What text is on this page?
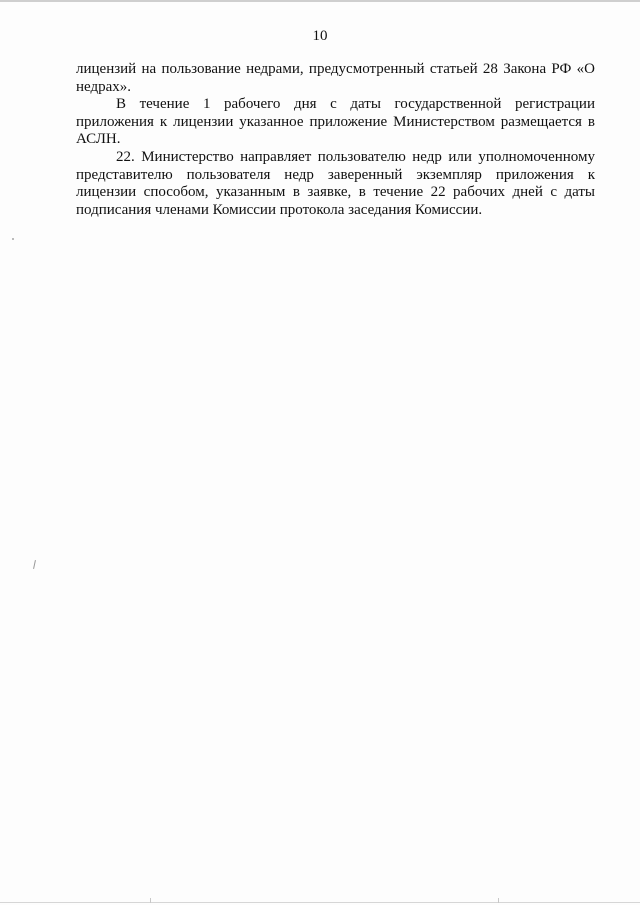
10

лицензий на пользование недрами, предусмотренный статьей 28 Закона РФ «О недрах».

В течение 1 рабочего дня с даты государственной регистрации приложения к лицензии указанное приложение Министерством размещается в АСЛН.

22. Министерство направляет пользователю недр или уполномоченному представителю пользователя недр заверенный экземпляр приложения к лицензии способом, указанным в заявке, в течение 22 рабочих дней с даты подписания членами Комиссии протокола заседания Комиссии.
